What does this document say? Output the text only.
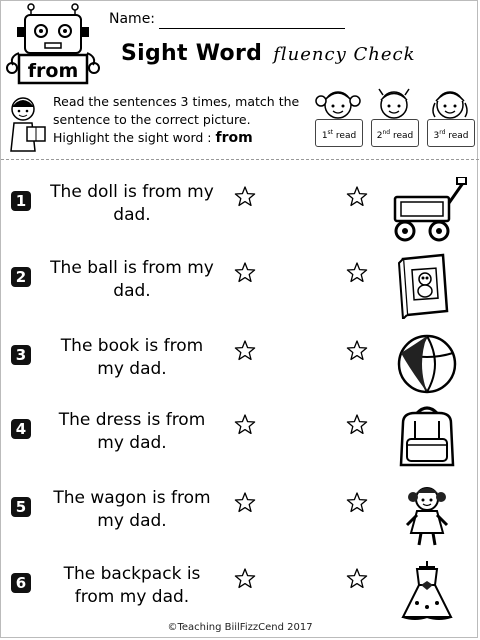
from
Name:
Sight Word fluency Check
Read the sentences 3 times, match the
sentence to the correct picture.
Highlight the sight word : from	1st read	2nd read	3rd read
1	The doll is from my
dad.
2	The ball is from my
dad.
3	The book is from
my dad.
4	The dress is from
my dad.
5	The wagon is from
my dad.
6	The backpack is
from my dad.
©Teaching BiilFizzCend 2017
